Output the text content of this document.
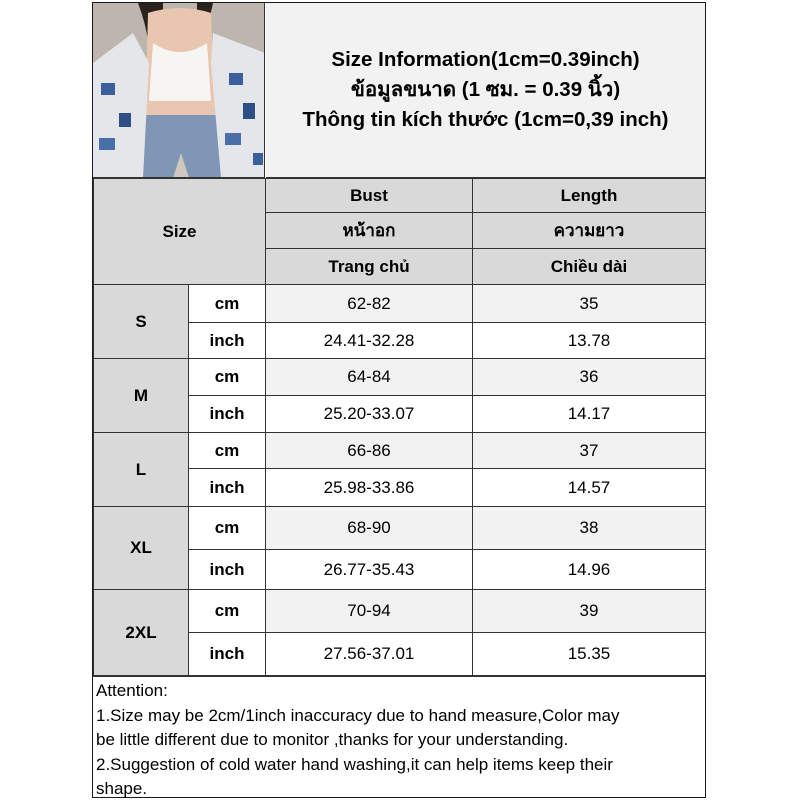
Size Information(1cm=0.39inch)
ข้อมูลขนาด (1 ซม. = 0.39 นิ้ว)
Thông tin kích thước (1cm=0,39 inch)
Size		Bust	Length
		หน้าอก	ความยาว
		Trang chủ	Chiều dài
S	cm	62-82	35
	inch	24.41-32.28	13.78
M	cm	64-84	36
	inch	25.20-33.07	14.17
L	cm	66-86	37
	inch	25.98-33.86	14.57
XL	cm	68-90	38
	inch	26.77-35.43	14.96
2XL	cm	70-94	39
	inch	27.56-37.01	15.35
Attention:
1.Size may be 2cm/1inch inaccuracy due to hand measure,Color may
be little different due to monitor ,thanks for your understanding.
2.Suggestion of cold water hand washing,it can help items keep their
shape.
